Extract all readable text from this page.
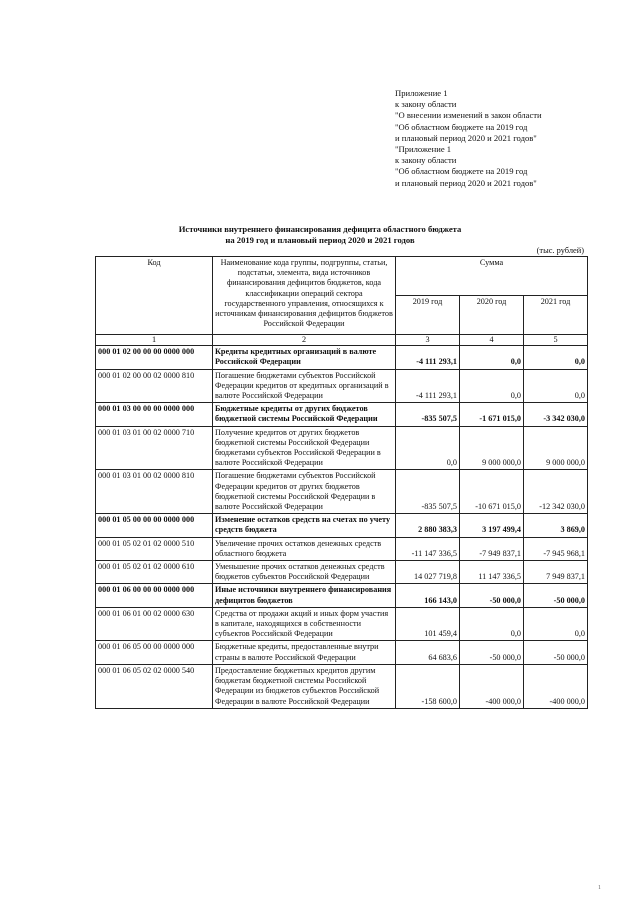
Приложение 1
к закону области
"О внесении изменений в закон области
"Об областном бюджете на 2019 год
и плановый период 2020 и 2021 годов"
"Приложение 1
к закону области
"Об областном бюджете на 2019 год
и плановый период 2020 и 2021 годов"
Источники внутреннего финансирования дефицита областного бюджета
на 2019 год и плановый период 2020 и 2021 годов
(тыс. рублей)
Код	Наименование кода группы, подгруппы, статьи, подстатьи, элемента, вида источников финансирования дефицитов бюджетов, кода классификации операций сектора государственного управления, относящихся к источникам финансирования дефицитов бюджетов Российской Федерации	Сумма		
		2019 год	2020 год	2021 год
1	2	3	4	5
000 01 02 00 00 00 0000 000	Кредиты кредитных организаций в валюте Российской Федерации	-4 111 293,1	0,0	0,0
000 01 02 00 00 02 0000 810	Погашение бюджетами субъектов Российской Федерации кредитов от кредитных организаций в валюте Российской Федерации	-4 111 293,1	0,0	0,0
000 01 03 00 00 00 0000 000	Бюджетные кредиты от других бюджетов бюджетной системы Российской Федерации	-835 507,5	-1 671 015,0	-3 342 030,0
000 01 03 01 00 02 0000 710	Получение кредитов от других бюджетов бюджетной системы Российской Федерации бюджетами субъектов Российской Федерации в валюте Российской Федерации	0,0	9 000 000,0	9 000 000,0
000 01 03 01 00 02 0000 810	Погашение бюджетами субъектов Российской Федерации кредитов от других бюджетов бюджетной системы Российской Федерации в валюте Российской Федерации	-835 507,5	-10 671 015,0	-12 342 030,0
000 01 05 00 00 00 0000 000	Изменение остатков средств на счетах по учету средств бюджета	2 880 383,3	3 197 499,4	3 869,0
000 01 05 02 01 02 0000 510	Увеличение прочих остатков денежных средств областного бюджета	-11 147 336,5	-7 949 837,1	-7 945 968,1
000 01 05 02 01 02 0000 610	Уменьшение прочих остатков денежных средств бюджетов субъектов Российской Федерации	14 027 719,8	11 147 336,5	7 949 837,1
000 01 06 00 00 00 0000 000	Иные источники внутреннего финансирования дефицитов бюджетов	166 143,0	-50 000,0	-50 000,0
000 01 06 01 00 02 0000 630	Средства от продажи акций и иных форм участия в капитале, находящихся в собственности субъектов Российской Федерации	101 459,4	0,0	0,0
000 01 06 05 00 00 0000 000	Бюджетные кредиты, предоставленные внутри страны в валюте Российской Федерации	64 683,6	-50 000,0	-50 000,0
000 01 06 05 02 02 0000 540	Предоставление бюджетных кредитов другим бюджетам бюджетной системы Российской Федерации из бюджетов субъектов Российской Федерации в валюте Российской Федерации	-158 600,0	-400 000,0	-400 000,0
1
